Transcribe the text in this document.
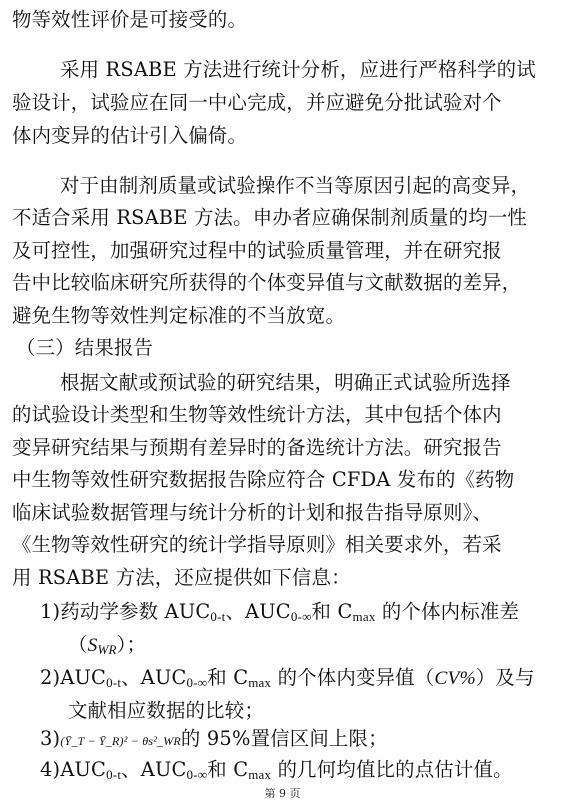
物等效性评价是可接受的。
采用 RSABE 方法进行统计分析，应进行严格科学的试
验设计，试验应在同一中心完成，并应避免分批试验对个
体内变异的估计引入偏倚。
对于由制剂质量或试验操作不当等原因引起的高变异，
不适合采用 RSABE 方法。申办者应确保制剂质量的均一性
及可控性，加强研究过程中的试验质量管理，并在研究报
告中比较临床研究所获得的个体变异值与文献数据的差异，
避免生物等效性判定标准的不当放宽。
（三）结果报告
根据文献或预试验的研究结果，明确正式试验所选择
的试验设计类型和生物等效性统计方法，其中包括个体内
变异研究结果与预期有差异时的备选统计方法。研究报告
中生物等效性研究数据报告除应符合 CFDA 发布的《药物
临床试验数据管理与统计分析的计划和报告指导原则》、
《生物等效性研究的统计学指导原则》相关要求外，若采
用 RSABE 方法，还应提供如下信息：
1)药动学参数 $AUC_{0-t}$、$AUC_{0-\infty}$和 $C_{max}$ 的个体内标准差
$(S_{WR})$；
$2)AUC_{0-t}$、$AUC_{0-\infty}$和 $C_{max}$ 的个体内变异值（CV%）及与
文献相应数据的比较；
3)(Ȳ_T − Ȳ_R)² − θs²_WR的 95%置信区间上限；
$4)AUC_{0-t}$、$AUC_{0-\infty}$和 $C_{max}$ 的几何均值比的点估计值。
第 9 页
